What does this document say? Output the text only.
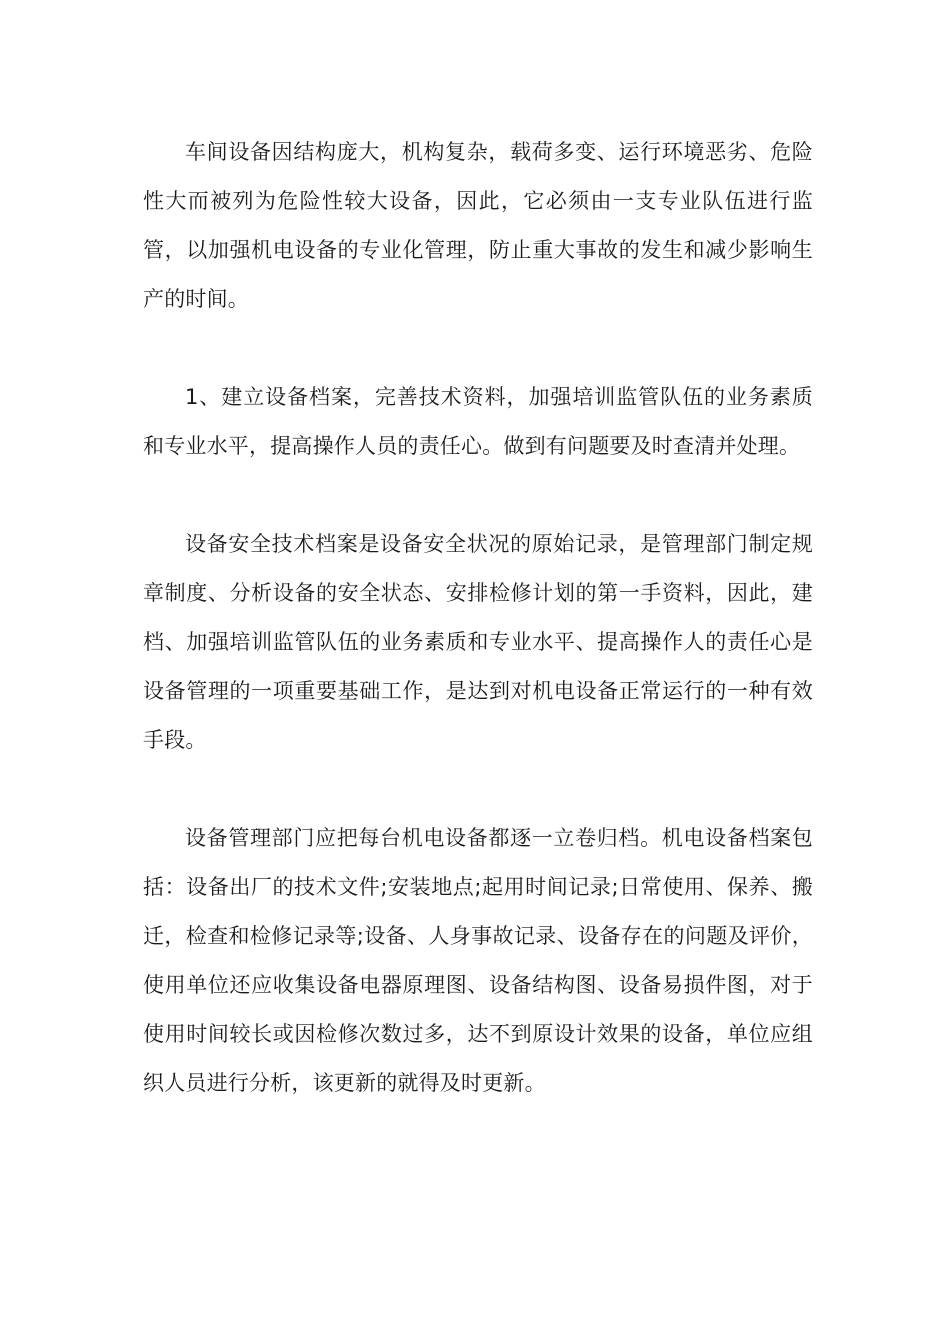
车间设备因结构庞大，机构复杂，载荷多变、运行环境恶劣、危险性大而被列为危险性较大设备，因此，它必须由一支专业队伍进行监管，以加强机电设备的专业化管理，防止重大事故的发生和减少影响生产的时间。

1、建立设备档案，完善技术资料，加强培训监管队伍的业务素质和专业水平，提高操作人员的责任心。做到有问题要及时查清并处理。

设备安全技术档案是设备安全状况的原始记录，是管理部门制定规章制度、分析设备的安全状态、安排检修计划的第一手资料，因此，建档、加强培训监管队伍的业务素质和专业水平、提高操作人的责任心是设备管理的一项重要基础工作，是达到对机电设备正常运行的一种有效手段。

设备管理部门应把每台机电设备都逐一立卷归档。机电设备档案包括：设备出厂的技术文件;安装地点;起用时间记录;日常使用、保养、搬迁，检查和检修记录等;设备、人身事故记录、设备存在的问题及评价，使用单位还应收集设备电器原理图、设备结构图、设备易损件图，对于使用时间较长或因检修次数过多，达不到原设计效果的设备，单位应组织人员进行分析，该更新的就得及时更新。
